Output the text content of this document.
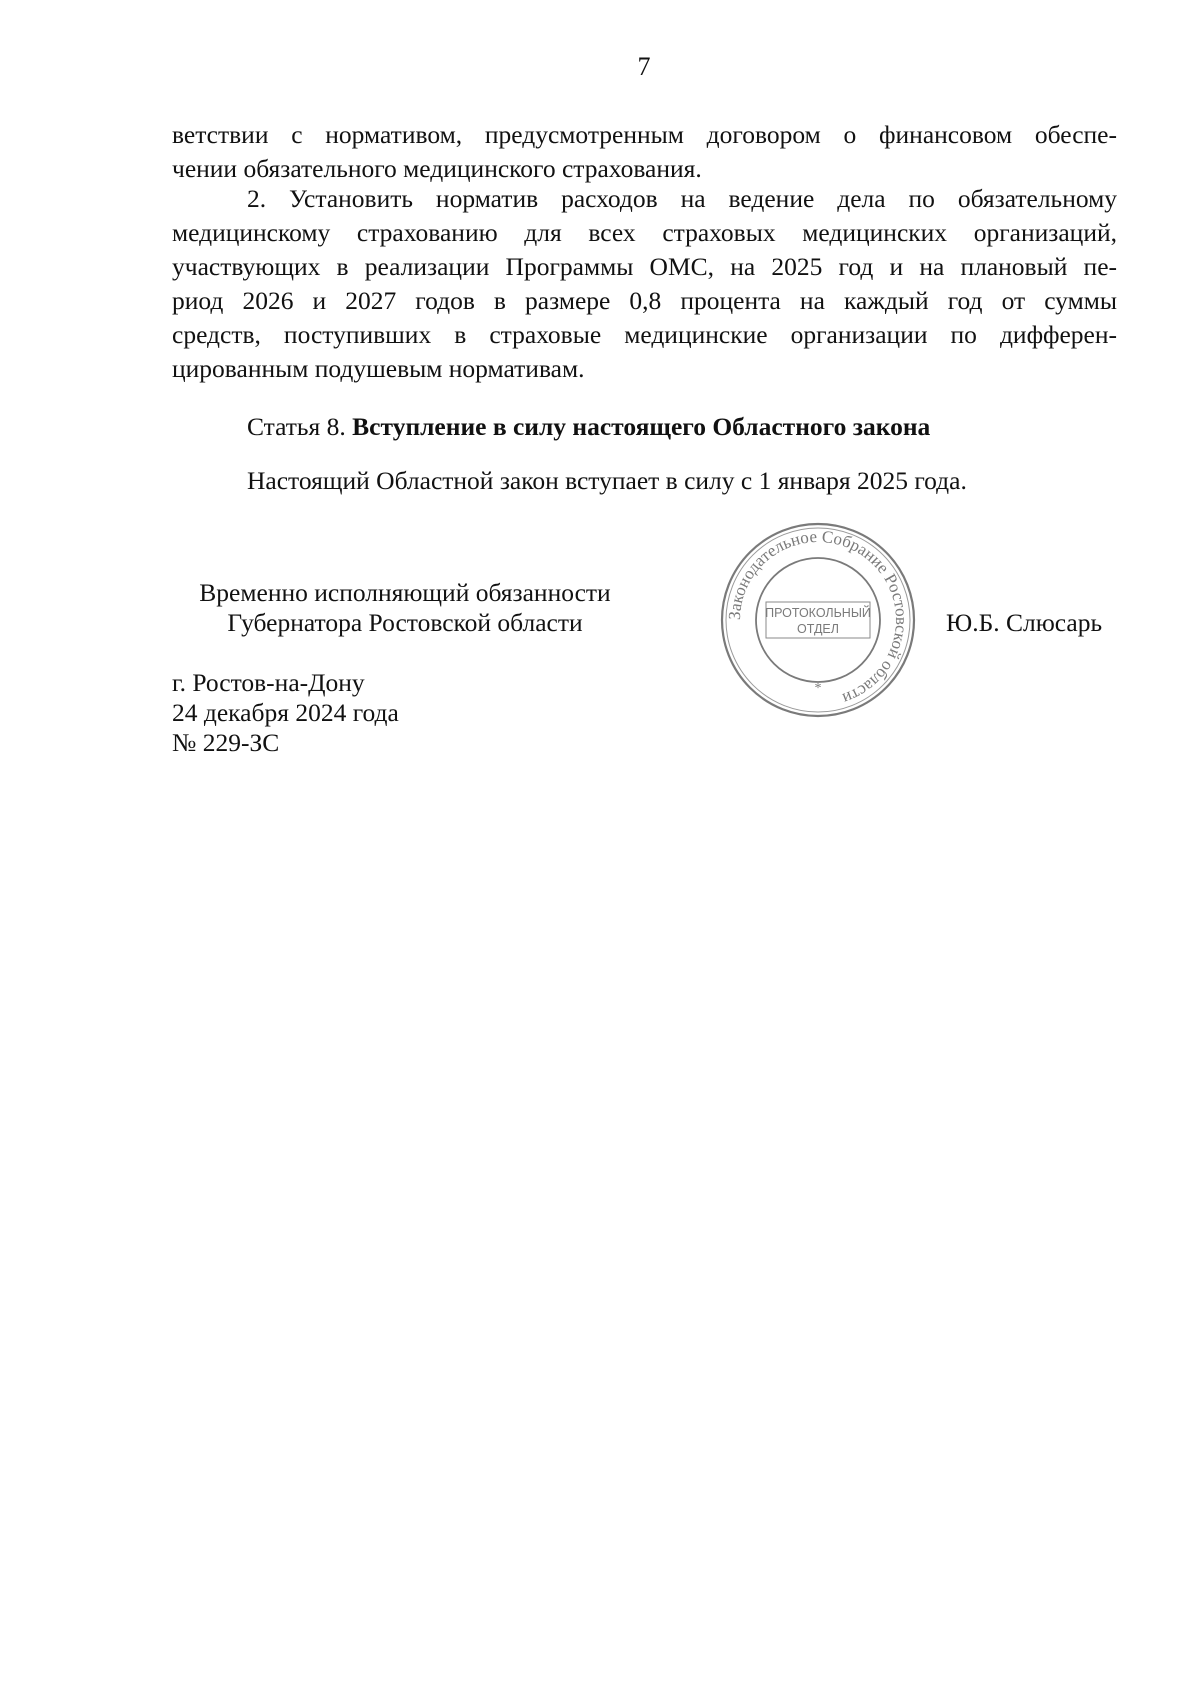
7
ветствии с нормативом, предусмотренным договором о финансовом обеспе-
чении обязательного медицинского страхования.
2. Установить норматив расходов на ведение дела по обязательному
медицинскому страхованию для всех страховых медицинских организаций,
участвующих в реализации Программы ОМС, на 2025 год и на плановый пе-
риод 2026 и 2027 годов в размере 0,8 процента на каждый год от суммы
средств, поступивших в страховые медицинские организации по дифферен-
цированным подушевым нормативам.
Статья 8. Вступление в силу настоящего Областного закона
Настоящий Областной закон вступает в силу с 1 января 2025 года.
Временно исполняющий обязанности
Губернатора Ростовской области	Ю.Б. Слюсарь
г. Ростов-на-Дону
24 декабря 2024 года
№ 229-ЗС
Законодательное Собрание Ростовской области
ПРОТОКОЛЬНЫЙ
ОТДЕЛ
*
